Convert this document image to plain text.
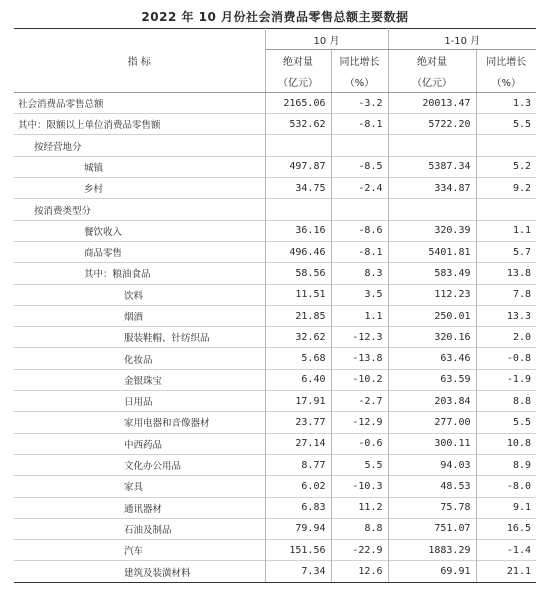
2022 年 10 月份社会消费品零售总额主要数据
指 标	10 月		1-10 月	
	绝对量	同比增长	绝对量	同比增长
	（亿元）	（%）	（亿元）	（%）
社会消费品零售总额	2165.06	-3.2	20013.47	1.3
其中：限额以上单位消费品零售额	532.62	-8.1	5722.20	5.5
按经营地分				
城镇	497.87	-8.5	5387.34	5.2
乡村	34.75	-2.4	334.87	9.2
按消费类型分				
餐饮收入	36.16	-8.6	320.39	1.1
商品零售	496.46	-8.1	5401.81	5.7
其中：粮油食品	58.56	8.3	583.49	13.8
饮料	11.51	3.5	112.23	7.8
烟酒	21.85	1.1	250.01	13.3
服装鞋帽、针纺织品	32.62	-12.3	320.16	2.0
化妆品	5.68	-13.8	63.46	-0.8
金银珠宝	6.40	-10.2	63.59	-1.9
日用品	17.91	-2.7	203.84	8.8
家用电器和音像器材	23.77	-12.9	277.00	5.5
中西药品	27.14	-0.6	300.11	10.8
文化办公用品	8.77	5.5	94.03	8.9
家具	6.02	-10.3	48.53	-8.0
通讯器材	6.83	11.2	75.78	9.1
石油及制品	79.94	8.8	751.07	16.5
汽车	151.56	-22.9	1883.29	-1.4
建筑及装潢材料	7.34	12.6	69.91	21.1
